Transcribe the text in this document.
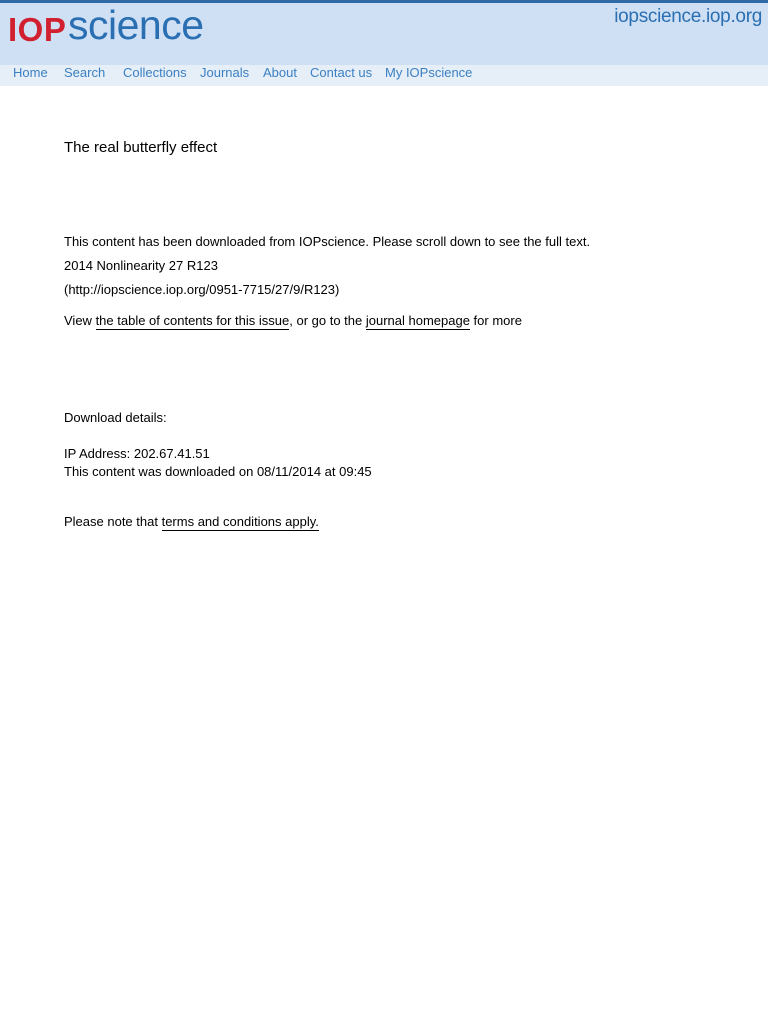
IOP science	iopscience.iop.org
Home Search Collections Journals About Contact us My IOPscience
The real butterfly effect
This content has been downloaded from IOPscience. Please scroll down to see the full text.
2014 Nonlinearity 27 R123
(http://iopscience.iop.org/0951-7715/27/9/R123)
View the table of contents for this issue, or go to the journal homepage for more
Download details:
IP Address: 202.67.41.51
This content was downloaded on 08/11/2014 at 09:45
Please note that terms and conditions apply.
